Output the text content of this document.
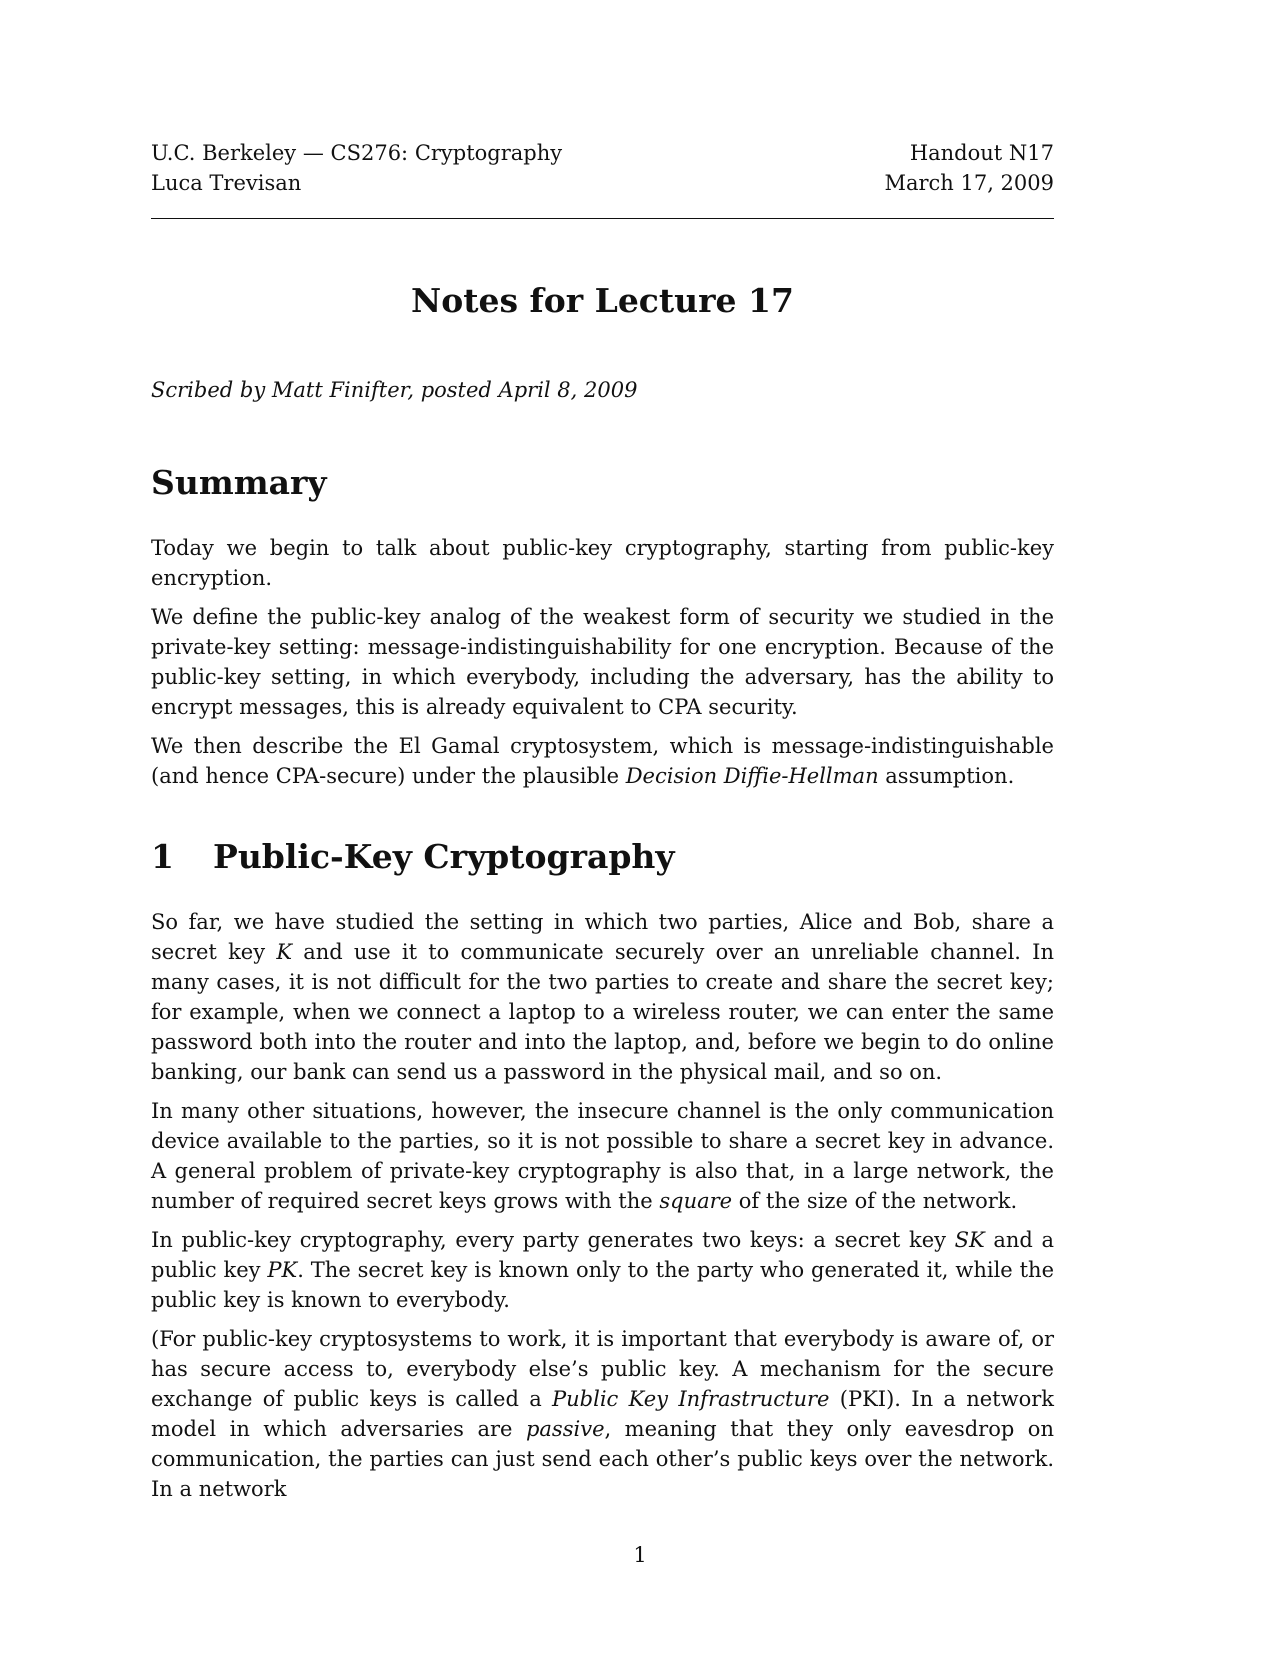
U.C. Berkeley — CS276: Cryptography
Luca Trevisan
Handout N17
March 17, 2009
Notes for Lecture 17
Scribed by Matt Finifter, posted April 8, 2009
Summary

Today we begin to talk about public-key cryptography, starting from public-key encryption.

We define the public-key analog of the weakest form of security we studied in the private-key setting: message-indistinguishability for one encryption. Because of the public-key setting, in which everybody, including the adversary, has the ability to encrypt messages, this is already equivalent to CPA security.

We then describe the El Gamal cryptosystem, which is message-indistinguishable (and hence CPA-secure) under the plausible Decision Diffie-Hellman assumption.

1 Public-Key Cryptography

So far, we have studied the setting in which two parties, Alice and Bob, share a secret key K and use it to communicate securely over an unreliable channel. In many cases, it is not difficult for the two parties to create and share the secret key; for example, when we connect a laptop to a wireless router, we can enter the same password both into the router and into the laptop, and, before we begin to do online banking, our bank can send us a password in the physical mail, and so on.

In many other situations, however, the insecure channel is the only communication device available to the parties, so it is not possible to share a secret key in advance. A general problem of private-key cryptography is also that, in a large network, the number of required secret keys grows with the square of the size of the network.

In public-key cryptography, every party generates two keys: a secret key SK and a public key PK. The secret key is known only to the party who generated it, while the public key is known to everybody.

(For public-key cryptosystems to work, it is important that everybody is aware of, or has secure access to, everybody else’s public key. A mechanism for the secure exchange of public keys is called a Public Key Infrastructure (PKI). In a network model in which adversaries are passive, meaning that they only eavesdrop on communication, the parties can just send each other’s public keys over the network. In a network

1
